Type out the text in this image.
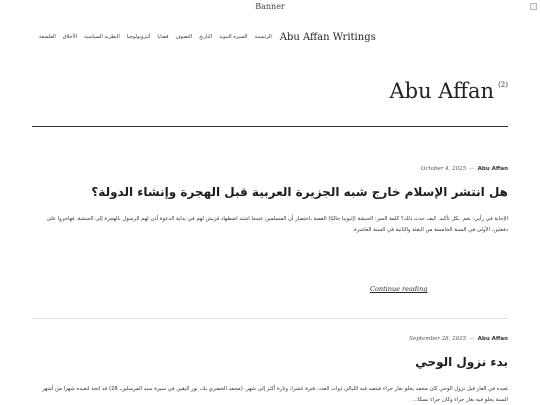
Banner
Abu Affan Writings
الرئيسية
السيرة النبوية
التاريخ
التصوف
قضايا
أنثروبولوجيا
النظرية السياسية
الأخلاق
الفلسفة
Abu Affan (2)
October 4, 2025 — Abu Affan
هل انتشر الإسلام خارج شبه الجزيرة العربية قبل الهجرة وإنشاء الدولة؟

الإجابة في رأيي: نعم. بكل تأكيد. كيف حدث ذلك؟ كلمة السر: الحبشة (إثيوبيا حاليًا) القصة باختصار أن المسلمين عندما اشتد اضطهاد قريش لهم في بداية الدعوة أذن لهم الرسول بالهجرة إلى الحبشة، فهاجروا على دفعتين، الأولى في السنة الخامسة من البعثة والثانية في السنة العاشرة.

Continue reading
September 28, 2025 — Abu Affan
بدء نزول الوحي

تعبده في الغار قبل نزول الوحي كان محمد يخلو بغار حراء فيتعبد فيه الليالي ذوات العدد، فترة عشرا، وتارة أكثر إلى شهر. (محمد الخضري بك، نور اليقين في سيرة سيد المرسلين، 28) قد اتخذ لتعبده شهرا من أشهر السنة يخلو فيه بغار حراء وكان حراء نسكا...
